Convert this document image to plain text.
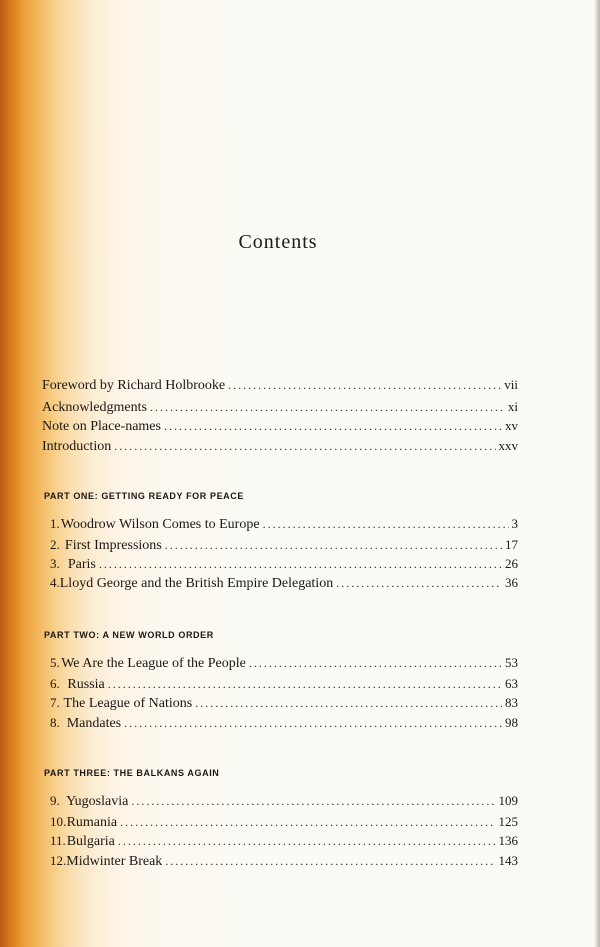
Contents
Foreword by Richard Holbrooke . . .	vii
Acknowledgments . . .	xi
Note on Place-names . . .	xv
Introduction . . .	xxv
PART ONE: GETTING READY FOR PEACE
1. Woodrow Wilson Comes to Europe . . .	3
2. First Impressions . . .	17
3. Paris . . .	26
4. Lloyd George and the British Empire Delegation . . .	36
PART TWO: A NEW WORLD ORDER
5. We Are the League of the People . . .	53
6. Russia . . .	63
7. The League of Nations . . .	83
8. Mandates . . .	98
PART THREE: THE BALKANS AGAIN
9. Yugoslavia . . .	109
10. Rumania . . .	125
11. Bulgaria . . .	136
12. Midwinter Break . . .	143
